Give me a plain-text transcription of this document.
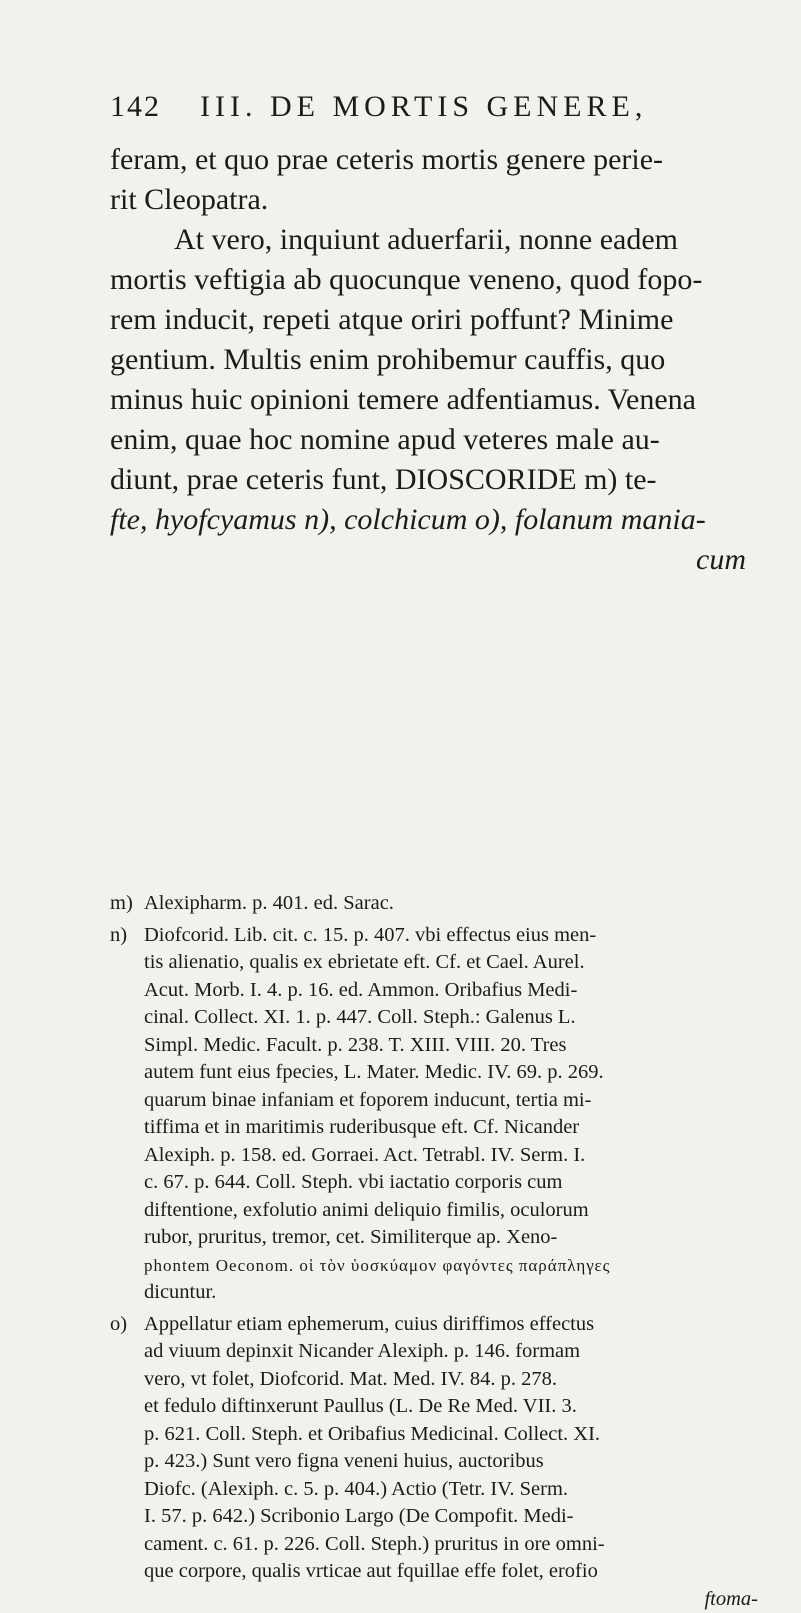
142 III. DE MORTIS GENERE,
feram, et quo prae ceteris mortis genere perie-
rit Cleopatra.
At vero, inquiunt aduerfarii, nonne eadem
mortis veftigia ab quocunque veneno, quod fopo-
rem inducit, repeti atque oriri poffunt? Minime
gentium. Multis enim prohibemur cauffis, quo
minus huic opinioni temere adfentiamus. Venena
enim, quae hoc nomine apud veteres male au-
diunt, prae ceteris funt, DIOSCORIDE m) te-
fte, hyofcyamus n), colchicum o), folanum mania-
cum
m) Alexipharm. p. 401. ed. Sarac.
n) Diofcorid. Lib. cit. c. 15. p. 407. vbi effectus eius men-
tis alienatio, qualis ex ebrietate eft. Cf. et Cael. Aurel.
Acut. Morb. I. 4. p. 16. ed. Ammon. Oribafius Medi-
cinal. Collect. XI. 1. p. 447. Coll. Steph.: Galenus L.
Simpl. Medic. Facult. p. 238. T. XIII. VIII. 20. Tres
autem funt eius fpecies, L. Mater. Medic. IV. 69. p. 269.
quarum binae infaniam et foporem inducunt, tertia mi-
tiffima et in maritimis ruderibusque eft. Cf. Nicander
Alexiph. p. 158. ed. Gorraei. Act. Tetrabl. IV. Serm. I.
c. 67. p. 644. Coll. Steph. vbi iactatio corporis cum
diftentione, exfolutio animi deliquio fimilis, oculorum
rubor, pruritus, tremor, cet. Similiterque ap. Xeno-
phontem Oeconom. οἱ τὸν ὑοσκύαμον φαγόντες παράπληγες
dicuntur.
o) Appellatur etiam ephemerum, cuius diriffimos effectus
ad viuum depinxit Nicander Alexiph. p. 146. formam
vero, vt folet, Diofcorid. Mat. Med. IV. 84. p. 278.
et fedulo diftinxerunt Paullus (L. De Re Med. VII. 3.
p. 621. Coll. Steph. et Oribafius Medicinal. Collect. XI.
p. 423.) Sunt vero figna veneni huius, auctoribus
Diofc. (Alexiph. c. 5. p. 404.) Actio (Tetr. IV. Serm.
I. 57. p. 642.) Scribonio Largo (De Compofit. Medi-
cament. c. 61. p. 226. Coll. Steph.) pruritus in ore omni-
que corpore, qualis vrticae aut fquillae effe folet, erofio
ftoma-
